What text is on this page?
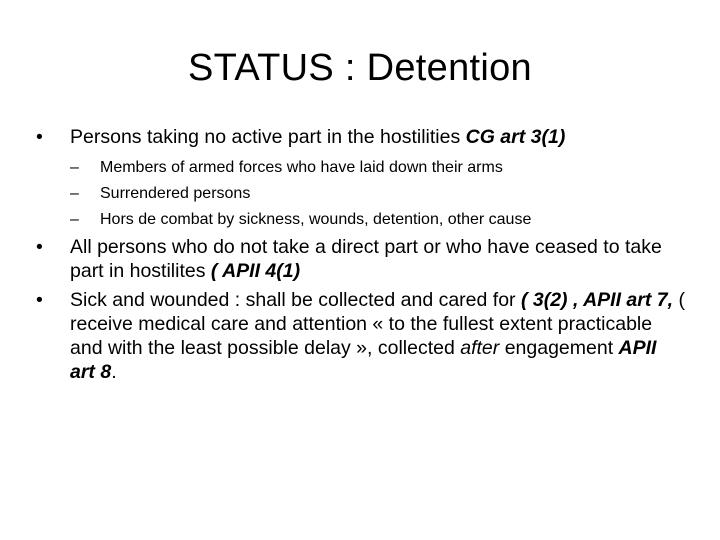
STATUS : Detention
•	Persons taking no active part in the hostilities CG art 3(1)
–	Members of armed forces who have laid down their arms
–	Surrendered persons
–	Hors de combat by sickness, wounds, detention, other cause
•	All persons who do not take a direct part or who have ceased to take part in hostilites ( APII 4(1)
•	Sick and wounded : shall be collected and cared for ( 3(2) , APII art 7, ( receive medical care and attention « to the fullest extent practicable and with the least possible delay », collected after engagement APII art 8.
